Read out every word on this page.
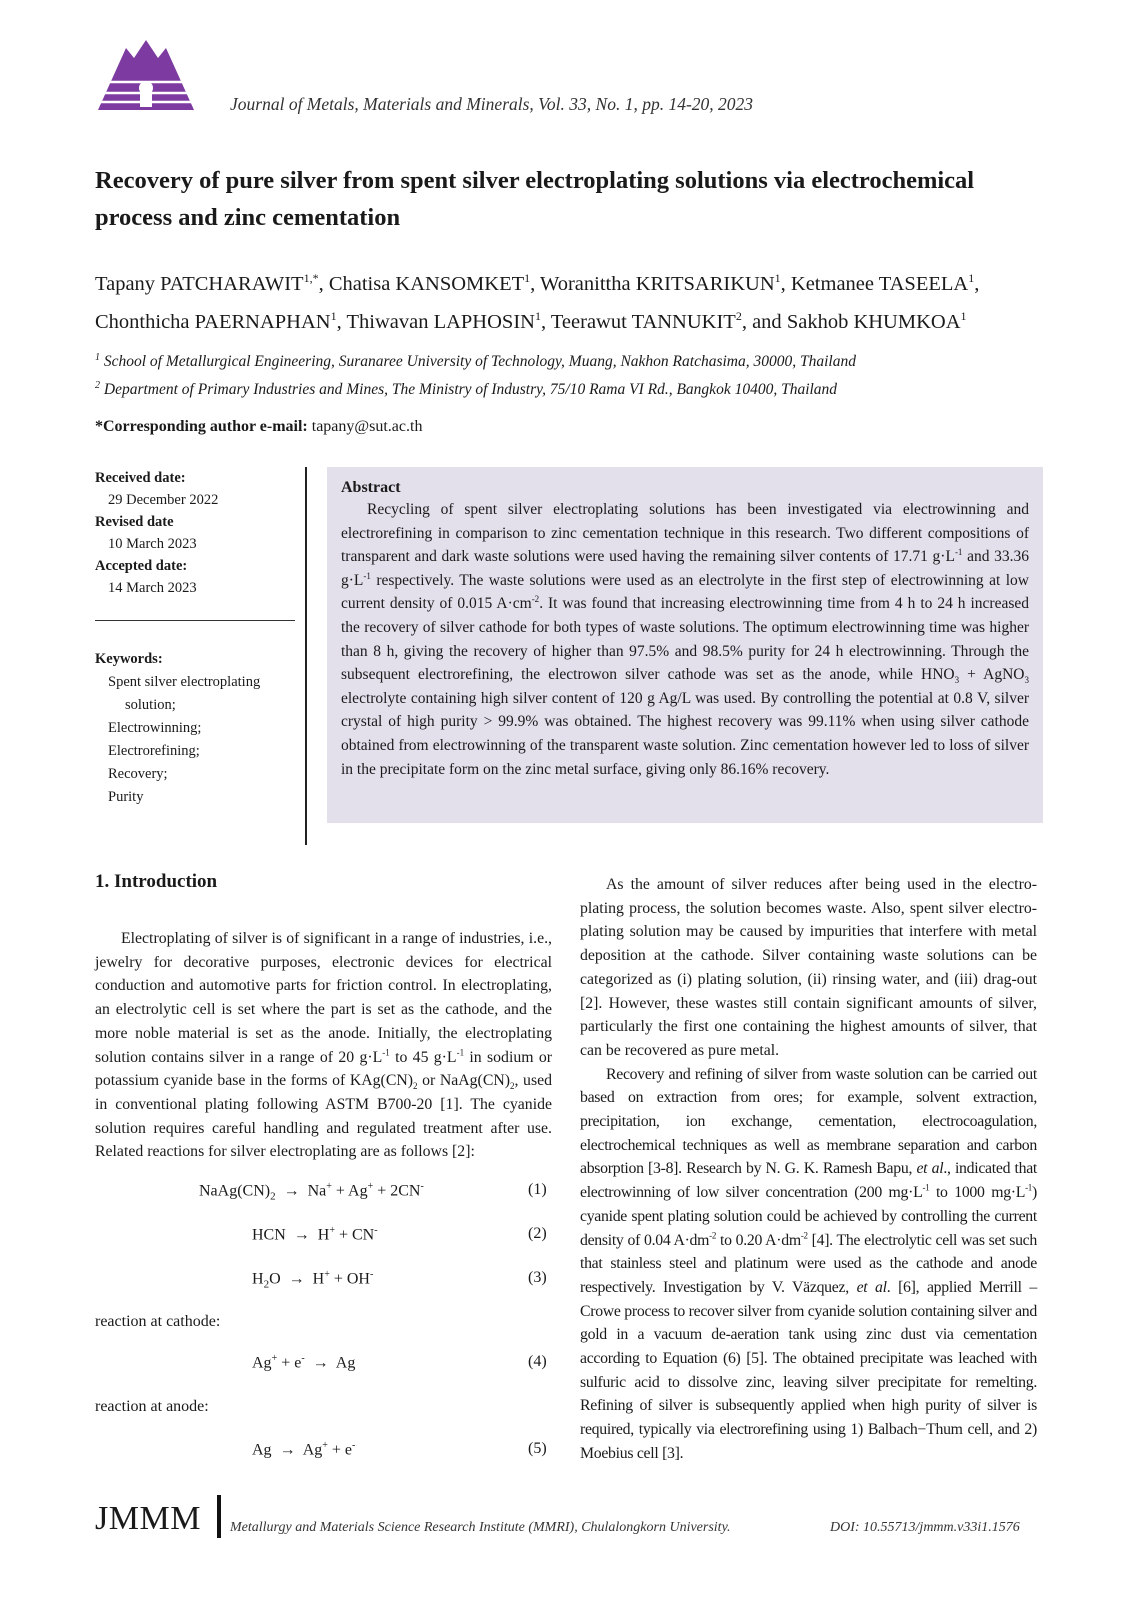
Journal of Metals, Materials and Minerals, Vol. 33, No. 1, pp. 14-20, 2023
Recovery of pure silver from spent silver electroplating solutions via electrochemical
process and zinc cementation
Tapany $PATCHARAWIT^{1,*}$, Chatisa KANSOMKET$^1$, Woranittha KRITSARIKUN$^1$, Ketmanee TASEELA$^1$,
Chonthicha PAERNAPHAN$^1$, Thiwavan LAPHOSIN$^1$, Teerawut TANNUKIT$^2$, and Sakhob KHUMKOA$^1$
$^1$ School of Metallurgical Engineering, Suranaree University of Technology, Muang, Nakhon Ratchasima, 30000, Thailand
$^2$ Department of Primary Industries and Mines, The Ministry of Industry, 75/10 Rama VI Rd., Bangkok 10400, Thailand
*Corresponding author e-mail: tapany@sut.ac.th
Received date:
29 December 2022
Revised date
10 March 2023
Accepted date:
14 March 2023
Keywords:
Spent silver electroplating
solution;
Electrowinning;
Electrorefining;
Recovery;
Purity
Abstract

Recycling of spent silver electroplating solutions has been investigated via electrowinning and electrorefining in comparison to zinc cementation technique in this research. Two different compositions of transparent and dark waste solutions were used having the remaining silver contents of 17.71 $g\cdot L^{-1}$ and 33.36 $g\cdot L^{-1}$ respectively. The waste solutions were used as an electrolyte in the first step of electrowinning at low current density of 0.015 $A\cdot cm^{-2}$. It was found that increasing electrowinning time from 4 h to 24 h increased the recovery of silver cathode for both types of waste solutions. The optimum electrowinning time was higher than 8 h, giving the recovery of higher than 97.5% and 98.5% purity for 24 h electrowinning. Through the subsequent electrorefining, the electrowon silver cathode was set as the anode, while $HNO_3$ + AgNO$_3$ electrolyte containing high silver content of 120 g Ag/L was used. By controlling the potential at 0.8 V, silver crystal of high purity > 99.9% was obtained. The highest recovery was 99.11% when using silver cathode obtained from electrowinning of the transparent waste solution. Zinc cementation however led to loss of silver in the precipitate form on the zinc metal surface, giving only 86.16% recovery.

1. Introduction

Electroplating of silver is of significant in a range of industries, i.e., jewelry for decorative purposes, electronic devices for electrical conduction and automotive parts for friction control. In electroplating, an electrolytic cell is set where the part is set as the cathode, and the more noble material is set as the anode. Initially, the electroplating solution contains silver in a range of 20 $g\cdot L^{-1}$ to 45 $g\cdot L^{-1}$ in sodium or potassium cyanide base in the forms of $KAg(CN)_2$ or $NaAg(CN)_2$, used in conventional plating following ASTM B700-20 [1]. The cyanide solution requires careful handling and regulated treatment after use. Related reactions for silver electroplating are as follows [2]:

$NaAg(CN)_2 \to Na^+ + Ag^+ + 2CN^-$	(1)
HCN  →  H+ + CN-	(2)
$H_2O \to H^+ + OH^-$	(3)
reaction at cathode:
Ag+ + e-  →  Ag	(4)
reaction at anode:
Ag  →  Ag+ + e-	(5)

As the amount of silver reduces after being used in the electro-plating process, the solution becomes waste. Also, spent silver electro-plating solution may be caused by impurities that interfere with metal deposition at the cathode. Silver containing waste solutions can be categorized as (i) plating solution, (ii) rinsing water, and (iii) drag-out [2]. However, these wastes still contain significant amounts of silver, particularly the first one containing the highest amounts of silver, that can be recovered as pure metal.

Recovery and refining of silver from waste solution can be carried out based on extraction from ores; for example, solvent extraction, precipitation, ion exchange, cementation, electrocoagulation, electrochemical techniques as well as membrane separation and carbon absorption [3-8]. Research by N. G. K. Ramesh Bapu, et al., indicated that electrowinning of low silver concentration (200 $mg\cdot L^{-1}$ to 1000 $mg\cdot L^{-1}$) cyanide spent plating solution could be achieved by controlling the current density of 0.04 $A\cdot dm^{-2}$ to 0.20 $A\cdot dm^{-2}$ [4]. The electrolytic cell was set such that stainless steel and platinum were used as the cathode and anode respectively. Investigation by V. Väzquez, et al. [6], applied Merrill – Crowe process to recover silver from cyanide solution containing silver and gold in a vacuum de-aeration tank using zinc dust via cementation according to Equation (6) [5]. The obtained precipitate was leached with sulfuric acid to dissolve zinc, leaving silver precipitate for remelting. Refining of silver is subsequently applied when high purity of silver is required, typically via electrorefining using 1) Balbach−Thum cell, and 2) Moebius cell [3].

JMMM Metallurgy and Materials Science Research Institute (MMRI), Chulalongkorn University.	DOI: 10.55713/jmmm.v33i1.1576
